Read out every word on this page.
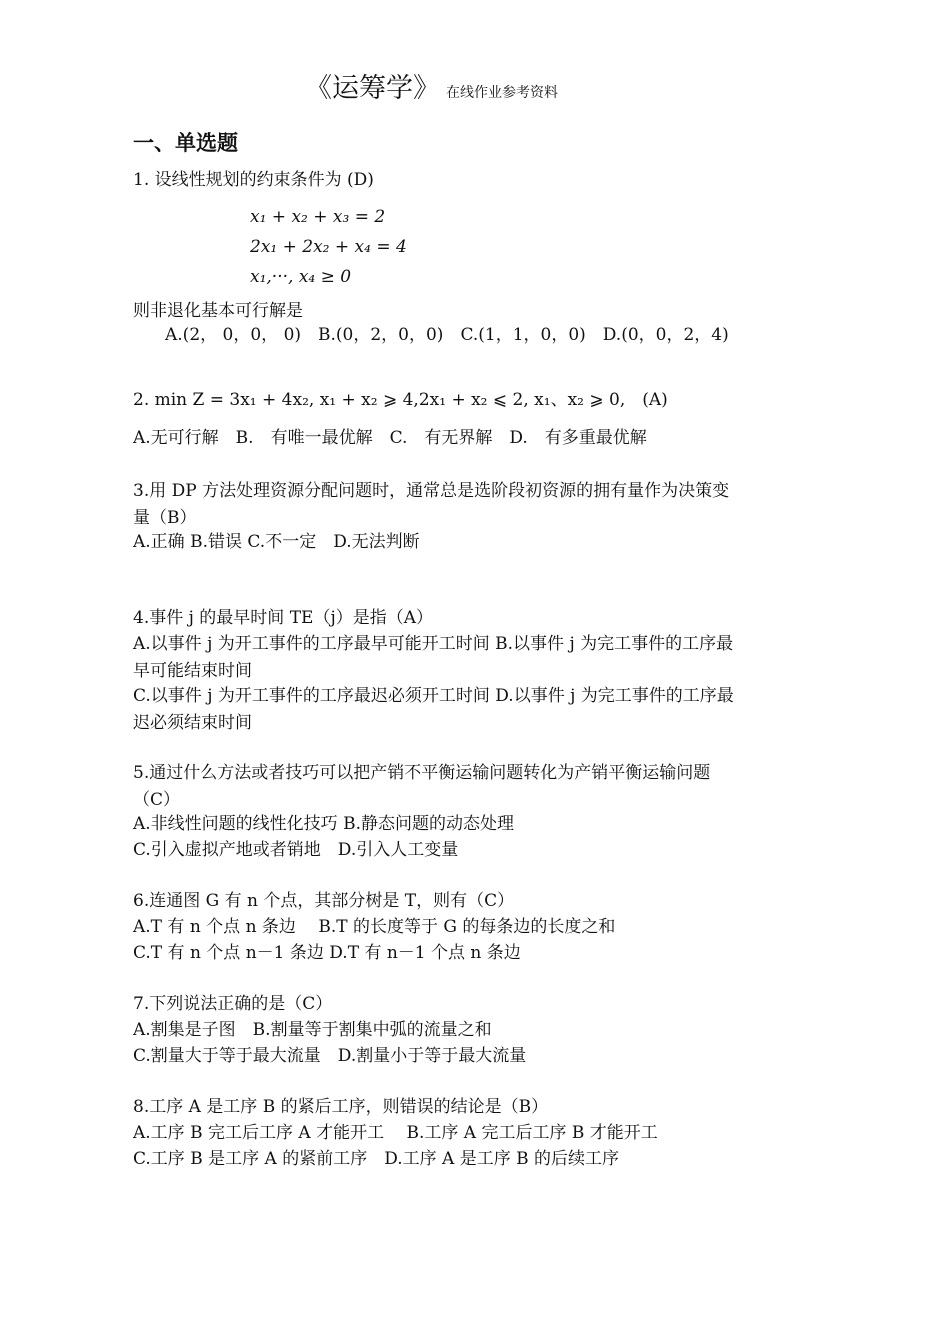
《运筹学》 在线作业参考资料
一、单选题
1. 设线性规划的约束条件为 (D)
x₁ + x₂ + x₃ = 2
2x₁ + 2x₂ + x₄ = 4
x₁,···, x₄ ≥ 0
则非退化基本可行解是
A.(2， 0，0， 0)　B.(0，2，0，0)　C.(1，1，0，0)　D.(0，0，2，4)
2. min Z = 3x₁ + 4x₂, x₁ + x₂ ⩾ 4,2x₁ + x₂ ⩽ 2, x₁、x₂ ⩾ 0,　(A)
A.无可行解　B.　有唯一最优解　C.　有无界解　D.　有多重最优解
3.用 DP 方法处理资源分配问题时，通常总是选阶段初资源的拥有量作为决策变
量（B）
A.正确 B.错误 C.不一定　D.无法判断
4.事件 j 的最早时间 TE（j）是指（A）
A.以事件 j 为开工事件的工序最早可能开工时间 B.以事件 j 为完工事件的工序最
早可能结束时间
C.以事件 j 为开工事件的工序最迟必须开工时间 D.以事件 j 为完工事件的工序最
迟必须结束时间
5.通过什么方法或者技巧可以把产销不平衡运输问题转化为产销平衡运输问题
（C）
A.非线性问题的线性化技巧 B.静态问题的动态处理
C.引入虚拟产地或者销地　D.引入人工变量
6.连通图 G 有 n 个点，其部分树是 T，则有（C）
A.T 有 n 个点 n 条边　 B.T 的长度等于 G 的每条边的长度之和
C.T 有 n 个点 n－1 条边 D.T 有 n－1 个点 n 条边
7.下列说法正确的是（C）
A.割集是子图　B.割量等于割集中弧的流量之和
C.割量大于等于最大流量　D.割量小于等于最大流量
8.工序 A 是工序 B 的紧后工序，则错误的结论是（B）
A.工序 B 完工后工序 A 才能开工　 B.工序 A 完工后工序 B 才能开工
C.工序 B 是工序 A 的紧前工序　D.工序 A 是工序 B 的后续工序
